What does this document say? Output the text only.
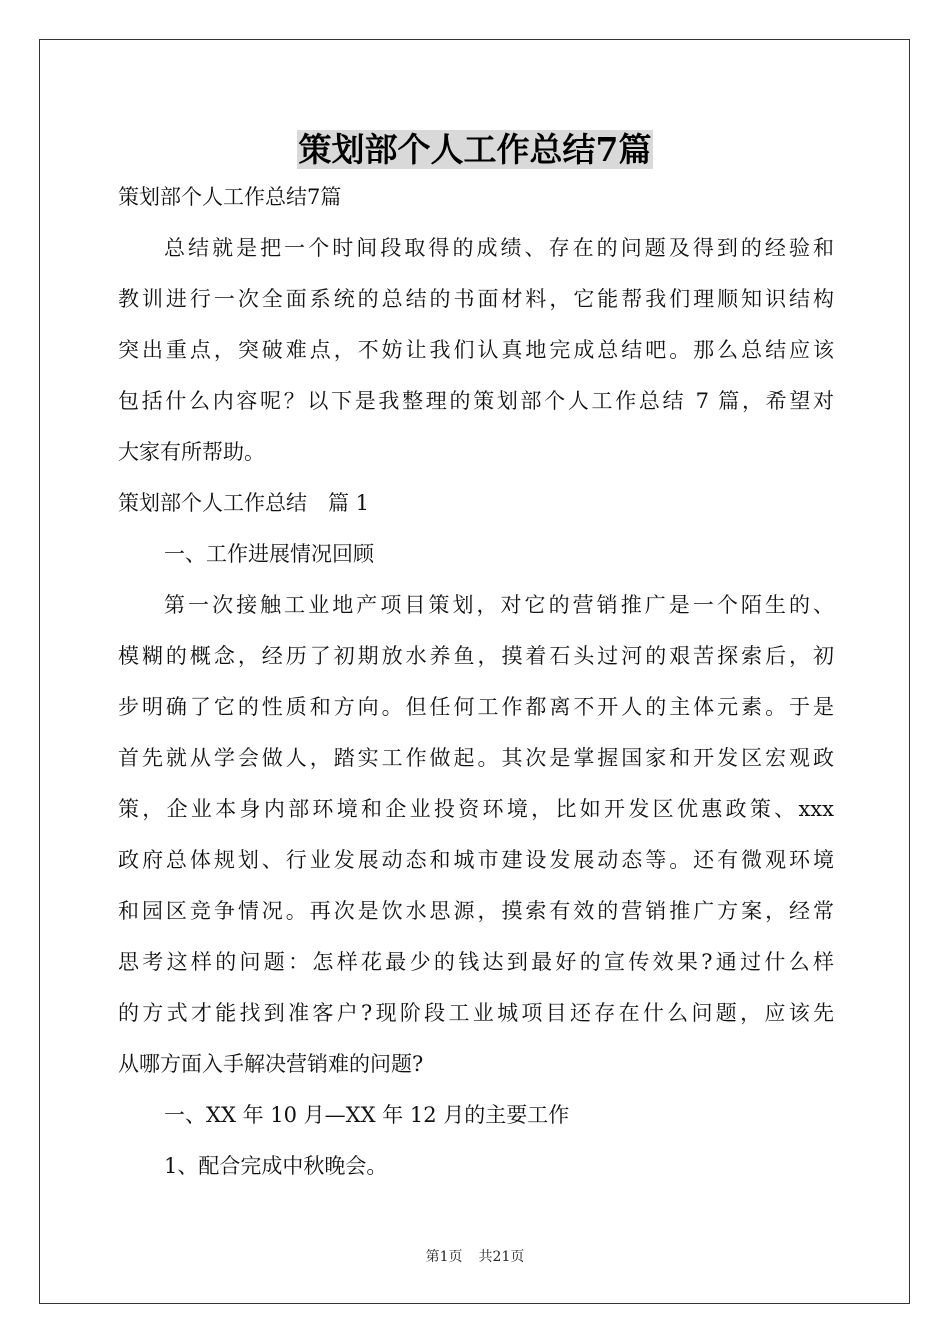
策划部个人工作总结7篇
策划部个人工作总结7篇
总结就是把一个时间段取得的成绩、存在的问题及得到的经验和
教训进行一次全面系统的总结的书面材料，它能帮我们理顺知识结构
突出重点，突破难点，不妨让我们认真地完成总结吧。那么总结应该
包括什么内容呢？以下是我整理的策划部个人工作总结 7 篇，希望对
大家有所帮助。
策划部个人工作总结　篇 1
一、工作进展情况回顾
第一次接触工业地产项目策划，对它的营销推广是一个陌生的、
模糊的概念，经历了初期放水养鱼，摸着石头过河的艰苦探索后，初
步明确了它的性质和方向。但任何工作都离不开人的主体元素。于是
首先就从学会做人，踏实工作做起。其次是掌握国家和开发区宏观政
策，企业本身内部环境和企业投资环境，比如开发区优惠政策、xxx
政府总体规划、行业发展动态和城市建设发展动态等。还有微观环境
和园区竞争情况。再次是饮水思源，摸索有效的营销推广方案，经常
思考这样的问题：怎样花最少的钱达到最好的宣传效果?通过什么样
的方式才能找到准客户?现阶段工业城项目还存在什么问题，应该先
从哪方面入手解决营销难的问题?
一、XX 年 10 月—XX 年 12 月的主要工作
1、配合完成中秋晚会。
第1页 共21页
